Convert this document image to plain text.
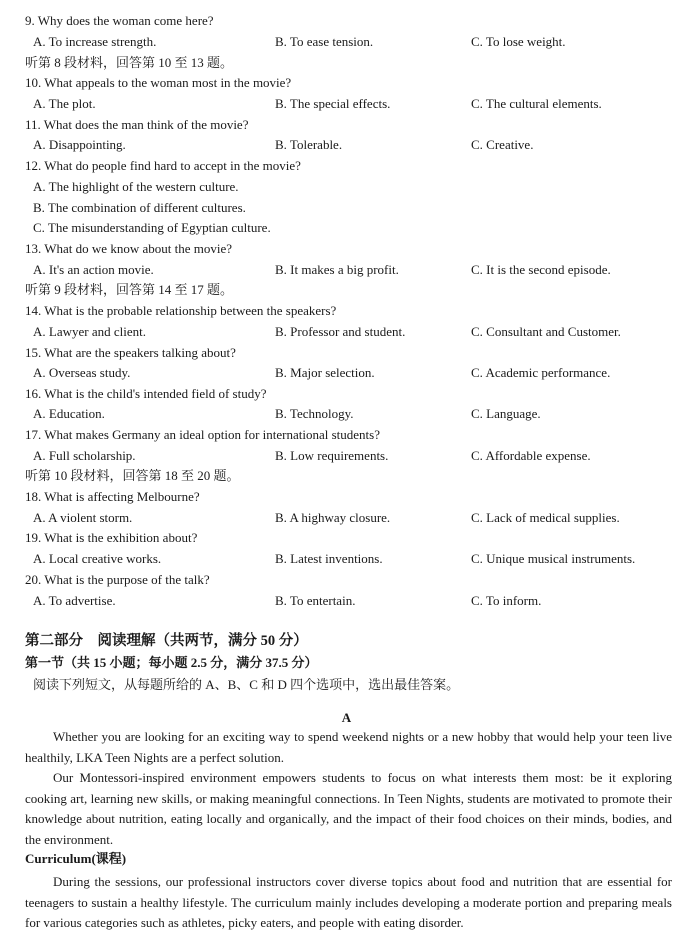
9. Why does the woman come here?
A. To increase strength.	B. To ease tension.	C. To lose weight.
听第 8 段材料，回答第 10 至 13 题。
10. What appeals to the woman most in the movie?
A. The plot.	B. The special effects.	C. The cultural elements.
11. What does the man think of the movie?
A. Disappointing.	B. Tolerable.	C. Creative.
12. What do people find hard to accept in the movie?
A. The highlight of the western culture.
B. The combination of different cultures.
C. The misunderstanding of Egyptian culture.
13. What do we know about the movie?
A. It's an action movie.	B. It makes a big profit.	C. It is the second episode.
听第 9 段材料，回答第 14 至 17 题。
14. What is the probable relationship between the speakers?
A. Lawyer and client.	B. Professor and student.	C. Consultant and Customer.
15. What are the speakers talking about?
A. Overseas study.	B. Major selection.	C. Academic performance.
16. What is the child's intended field of study?
A. Education.	B. Technology.	C. Language.
17. What makes Germany an ideal option for international students?
A. Full scholarship.	B. Low requirements.	C. Affordable expense.
听第 10 段材料，回答第 18 至 20 题。
18. What is affecting Melbourne?
A. A violent storm.	B. A highway closure.	C. Lack of medical supplies.
19. What is the exhibition about?
A. Local creative works.	B. Latest inventions.	C. Unique musical instruments.
20. What is the purpose of the talk?
A. To advertise.	B. To entertain.	C. To inform.
第二部分　阅读理解（共两节，满分 50 分）
第一节（共 15 小题；每小题 2.5 分，满分 37.5 分）
阅读下列短文，从每题所给的 A、B、C 和 D 四个选项中，选出最佳答案。
A

Whether you are looking for an exciting way to spend weekend nights or a new hobby that would help your teen live healthily, LKA Teen Nights are a perfect solution.

Our Montessori-inspired environment empowers students to focus on what interests them most: be it exploring cooking art, learning new skills, or making meaningful connections. In Teen Nights, students are motivated to promote their knowledge about nutrition, eating locally and organically, and the impact of their food choices on their minds, bodies, and the environment.

Curriculum(课程)

During the sessions, our professional instructors cover diverse topics about food and nutrition that are essential for teenagers to sustain a healthy lifestyle. The curriculum mainly includes developing a moderate portion and preparing meals for various categories such as athletes, picky eaters, and people with eating disorder.
